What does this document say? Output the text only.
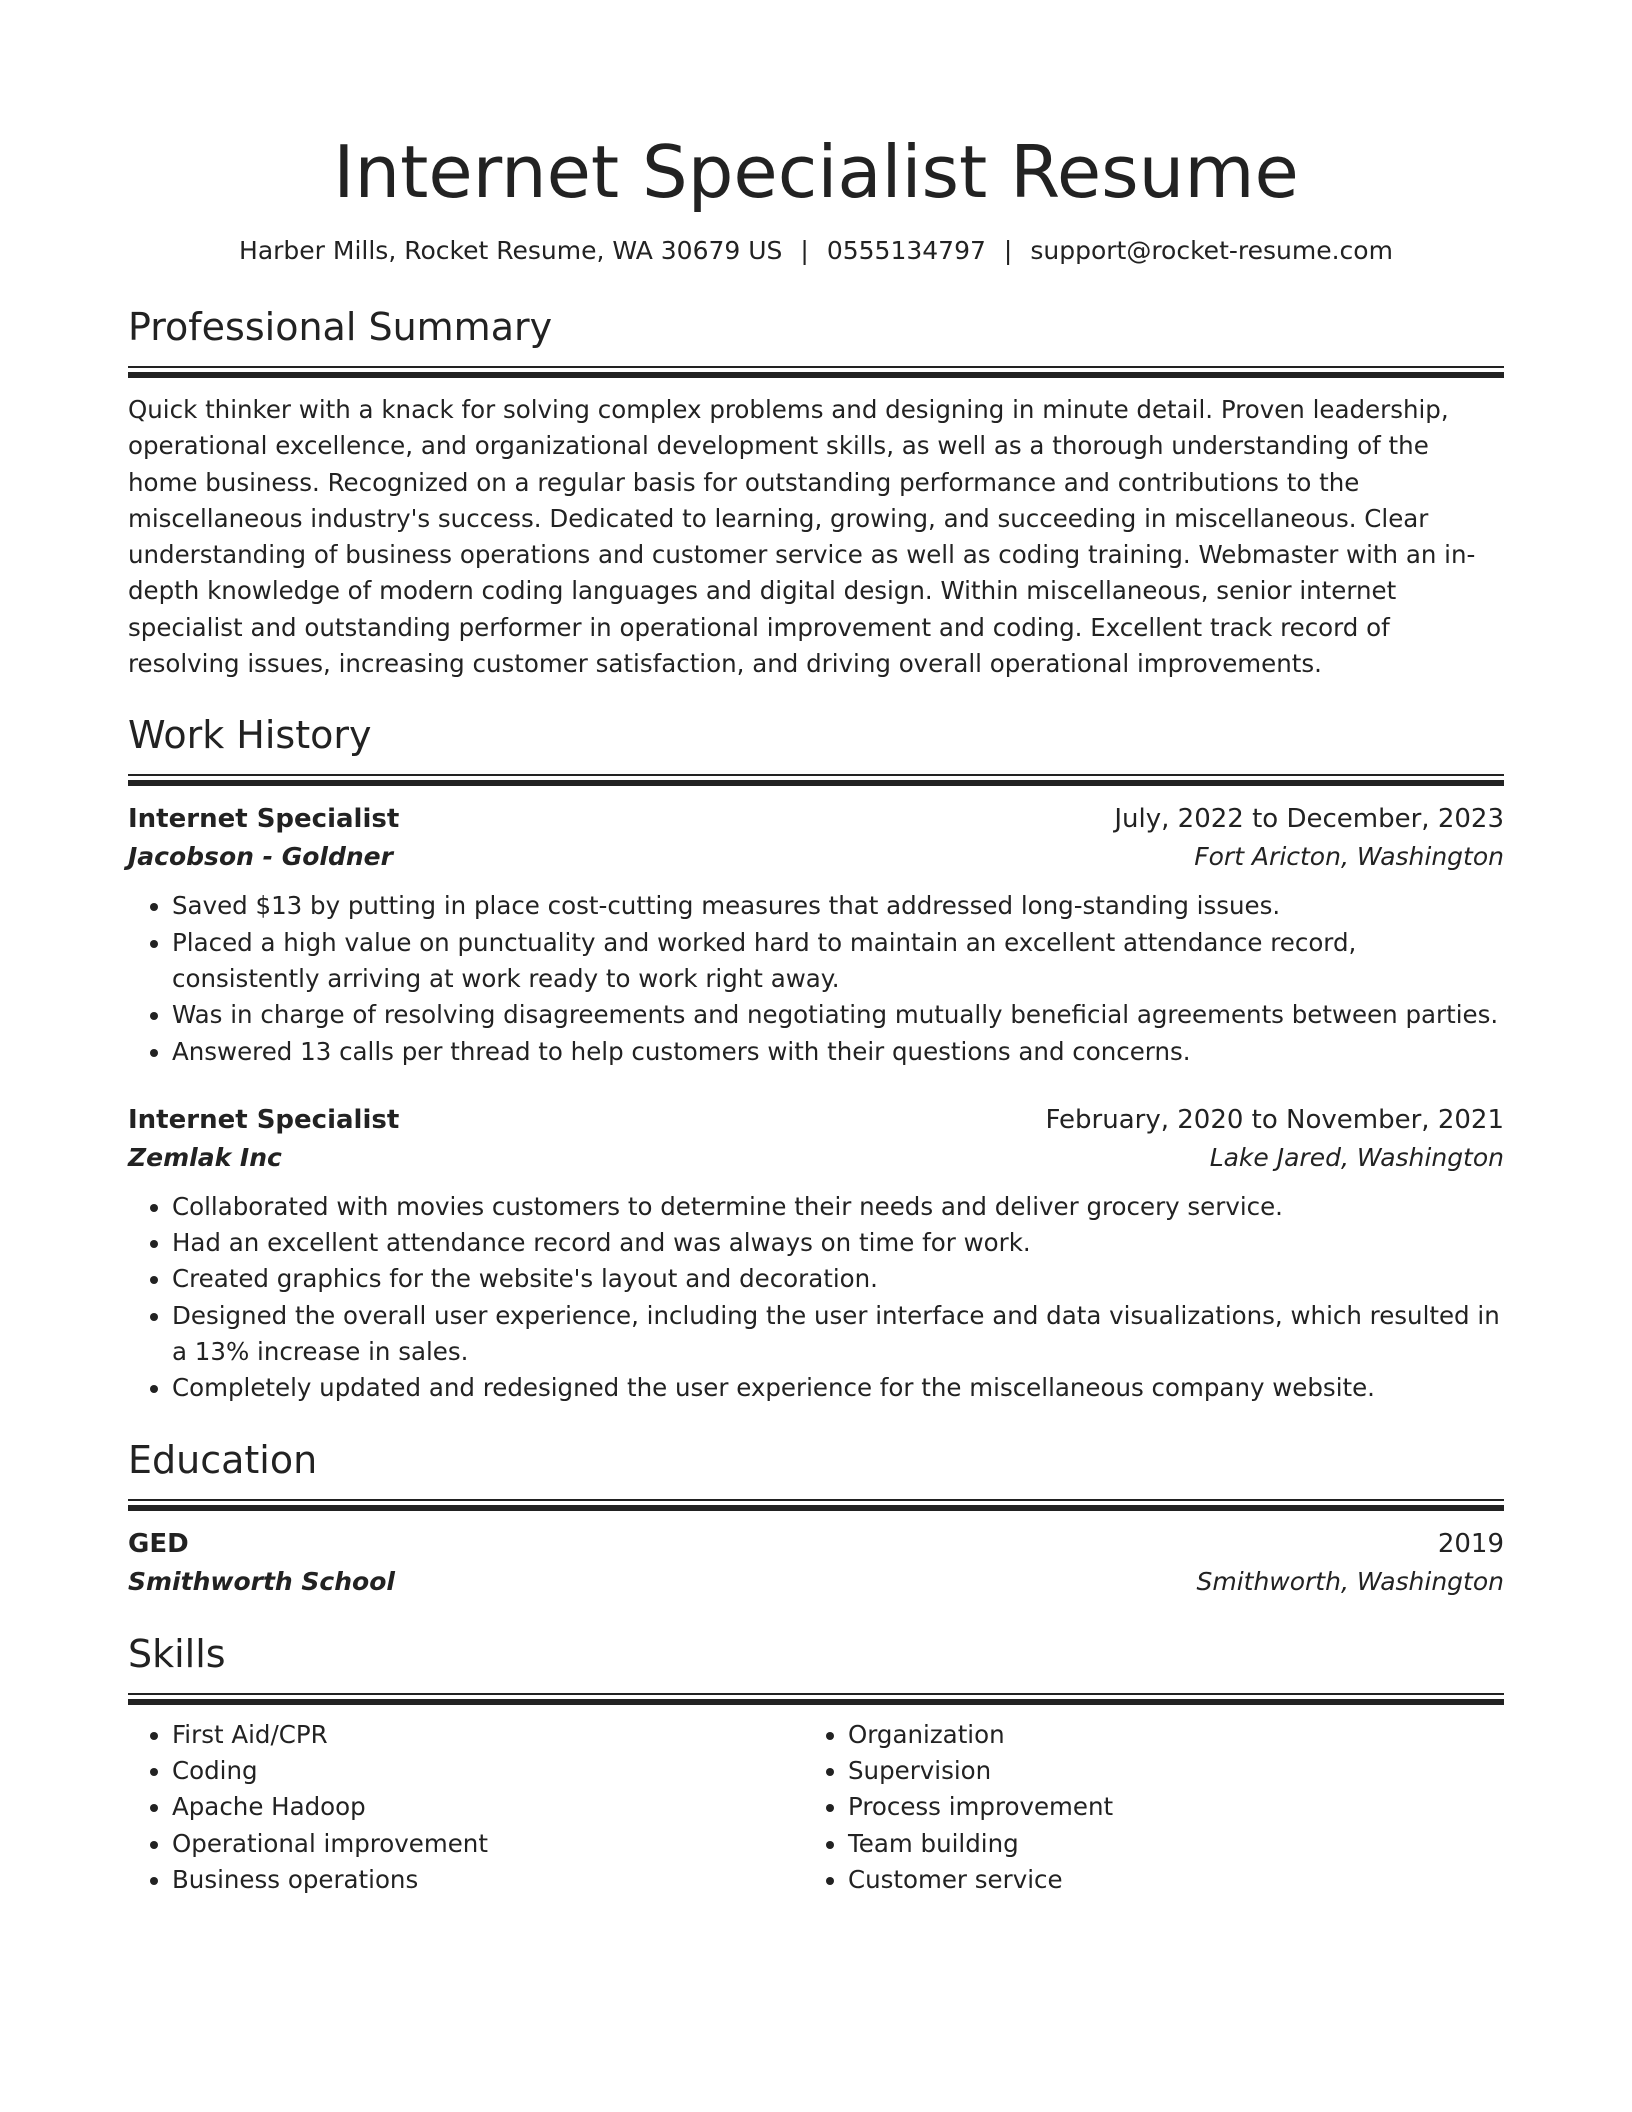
Internet Specialist Resume
Harber Mills, Rocket Resume, WA 30679 US | 0555134797 | support@rocket-resume.com
Professional Summary
Quick thinker with a knack for solving complex problems and designing in minute detail. Proven leadership, operational excellence, and organizational development skills, as well as a thorough understanding of the home business. Recognized on a regular basis for outstanding performance and contributions to the miscellaneous industry's success. Dedicated to learning, growing, and succeeding in miscellaneous. Clear understanding of business operations and customer service as well as coding training. Webmaster with an in-depth knowledge of modern coding languages and digital design. Within miscellaneous, senior internet specialist and outstanding performer in operational improvement and coding. Excellent track record of resolving issues, increasing customer satisfaction, and driving overall operational improvements.
Work History
Internet Specialist	July, 2022 to December, 2023
Jacobson - Goldner	Fort Aricton, Washington
• Saved $13 by putting in place cost-cutting measures that addressed long-standing issues.
• Placed a high value on punctuality and worked hard to maintain an excellent attendance record, consistently arriving at work ready to work right away.
• Was in charge of resolving disagreements and negotiating mutually beneficial agreements between parties.
• Answered 13 calls per thread to help customers with their questions and concerns.
Internet Specialist	February, 2020 to November, 2021
Zemlak Inc	Lake Jared, Washington
• Collaborated with movies customers to determine their needs and deliver grocery service.
• Had an excellent attendance record and was always on time for work.
• Created graphics for the website's layout and decoration.
• Designed the overall user experience, including the user interface and data visualizations, which resulted in a 13% increase in sales.
• Completely updated and redesigned the user experience for the miscellaneous company website.
Education
GED	2019
Smithworth School	Smithworth, Washington
Skills
• First Aid/CPR
• Coding
• Apache Hadoop
• Operational improvement
• Business operations
• Organization
• Supervision
• Process improvement
• Team building
• Customer service
